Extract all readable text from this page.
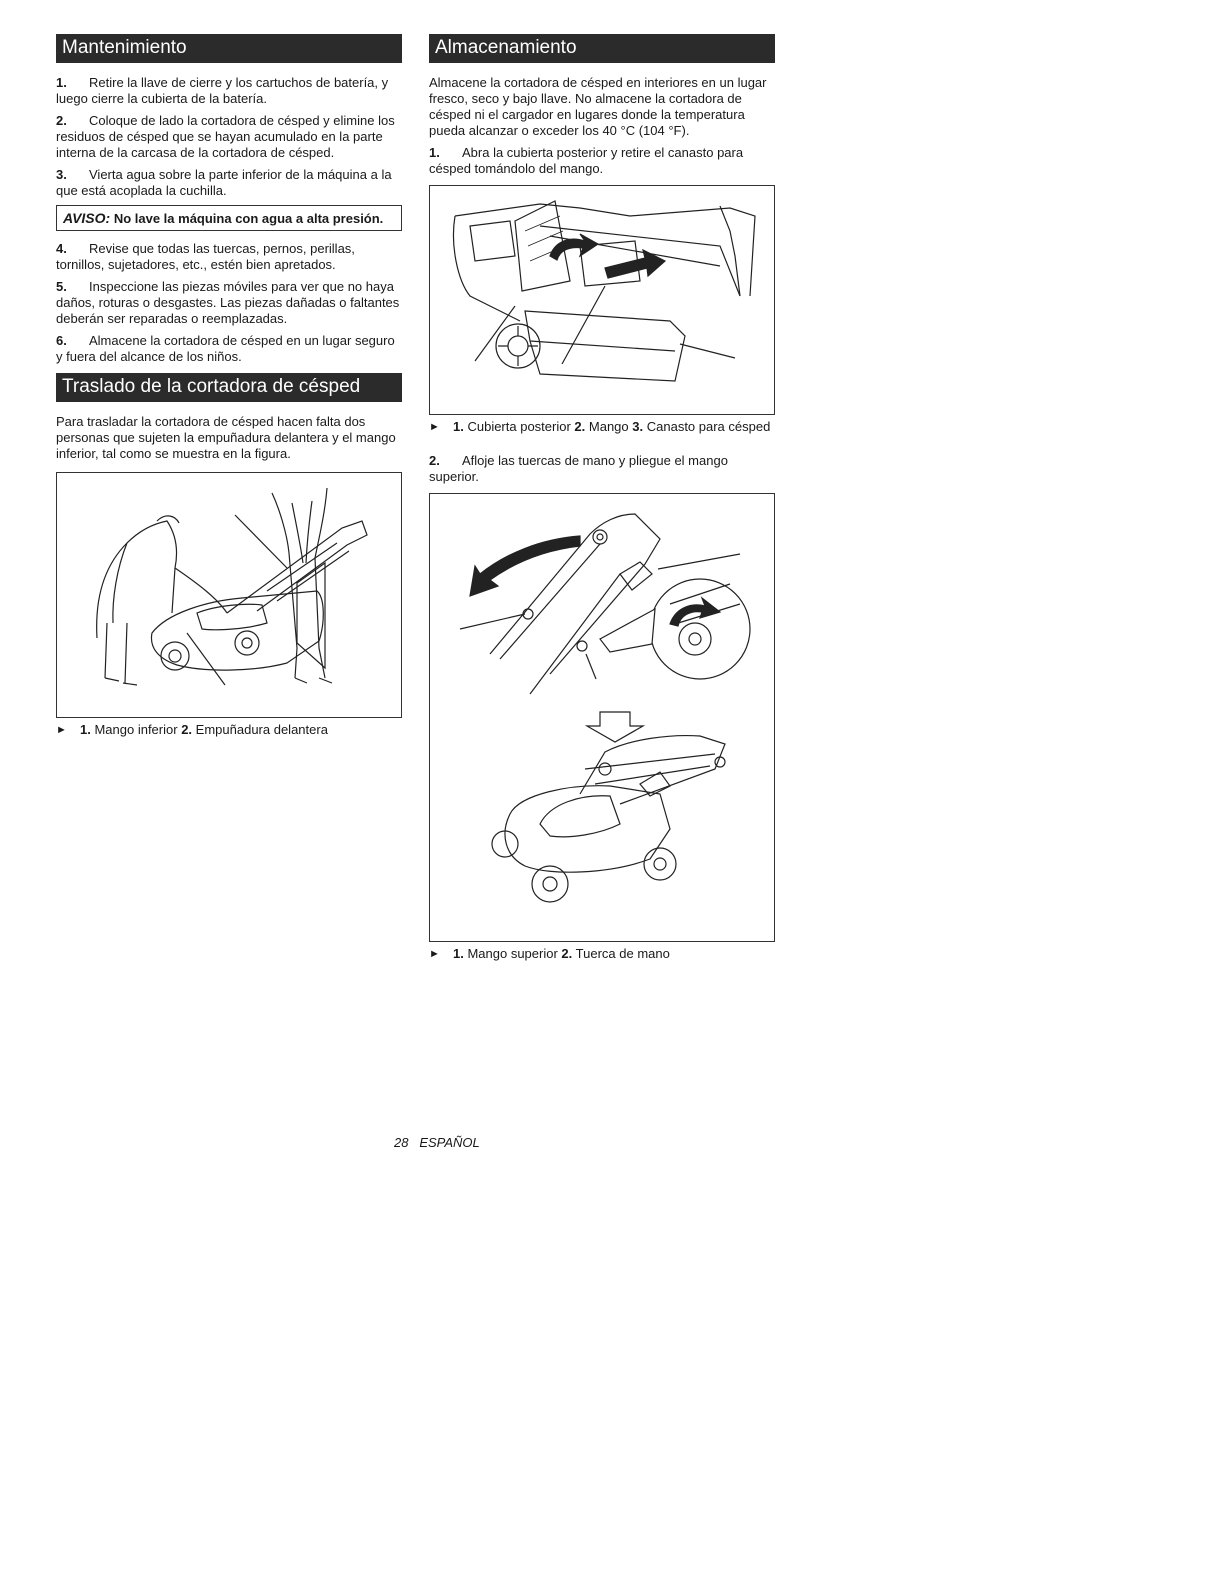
Mantenimiento

1. Retire la llave de cierre y los cartuchos de batería, y luego cierre la cubierta de la batería.

2. Coloque de lado la cortadora de césped y elimine los residuos de césped que se hayan acumulado en la parte interna de la carcasa de la cortadora de césped.

3. Vierta agua sobre la parte inferior de la máquina a la que está acoplada la cuchilla.

AVISO: No lave la máquina con agua a alta presión.

4. Revise que todas las tuercas, pernos, perillas, tornillos, sujetadores, etc., estén bien apretados.

5. Inspeccione las piezas móviles para ver que no haya daños, roturas o desgastes. Las piezas dañadas o faltantes deberán ser reparadas o reemplazadas.

6. Almacene la cortadora de césped en un lugar seguro y fuera del alcance de los niños.

Traslado de la cortadora de césped

Para trasladar la cortadora de césped hacen falta dos personas que sujeten la empuñadura delantera y el mango inferior, tal como se muestra en la figura.

►	1. Mango inferior 2. Empuñadura delantera
Almacenamiento

Almacene la cortadora de césped en interiores en un lugar fresco, seco y bajo llave. No almacene la cortadora de césped ni el cargador en lugares donde la temperatura pueda alcanzar o exceder los 40 °C (104 °F).

1. Abra la cubierta posterior y retire el canasto para césped tomándolo del mango.

►	1. Cubierta posterior 2. Mango 3. Canasto para césped

2. Afloje las tuercas de mano y pliegue el mango superior.

►	1. Mango superior 2. Tuerca de mano
28 ESPAÑOL
